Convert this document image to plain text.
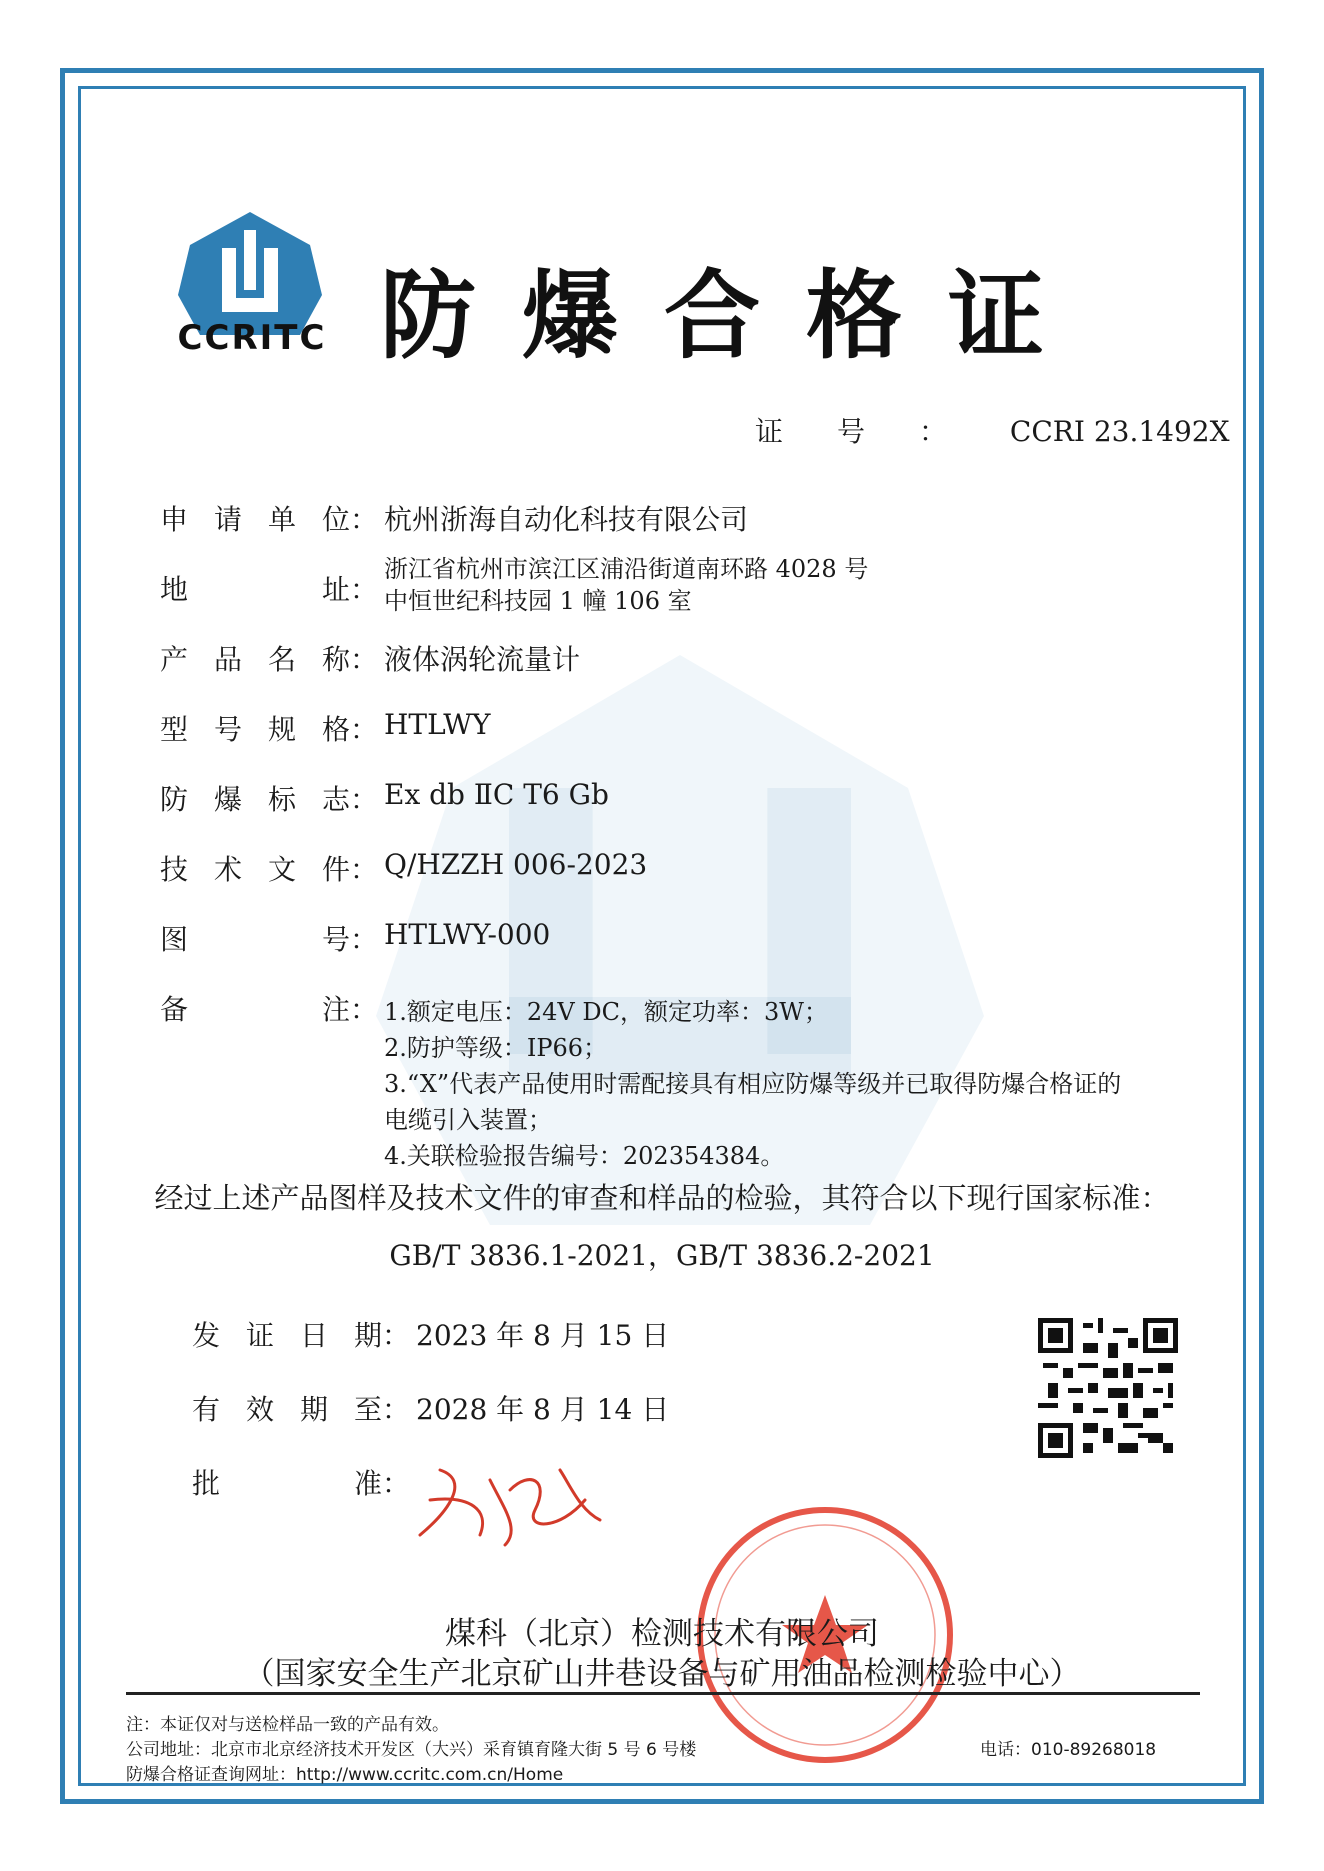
CCRITC 防爆合格证
证号： CCRI 23.1492X
申请单位 ： 杭州浙海自动化科技有限公司
地址 ：
浙江省杭州市滨江区浦沿街道南环路 4028 号
中恒世纪科技园 1 幢 106 室
产品名称 ： 液体涡轮流量计
型号规格 ： HTLWY
防爆标志 ： Ex db ⅡC T6 Gb
技术文件 ： Q/HZZH 006-2023
图号 ： HTLWY-000
备注 ： 1.额定电压：24V DC，额定功率：3W；
2.防护等级：IP66；
3.“X”代表产品使用时需配接具有相应防爆等级并已取得防爆合格证的
电缆引入装置；
4.关联检验报告编号：202354384。
经过上述产品图样及技术文件的审查和样品的检验，其符合以下现行国家标准：
GB/T 3836.1-2021，GB/T 3836.2-2021
发证日期 ： 2023 年 8 月 15 日
有效期至 ： 2028 年 8 月 14 日
批准 ：
煤科（北京）检测技术有限公司
（国家安全生产北京矿山井巷设备与矿用油品检测检验中心）
注：本证仅对与送检样品一致的产品有效。
公司地址：北京市北京经济技术开发区（大兴）采育镇育隆大街 5 号 6 号楼
防爆合格证查询网址：http://www.ccritc.com.cn/Home
电话：010-89268018
